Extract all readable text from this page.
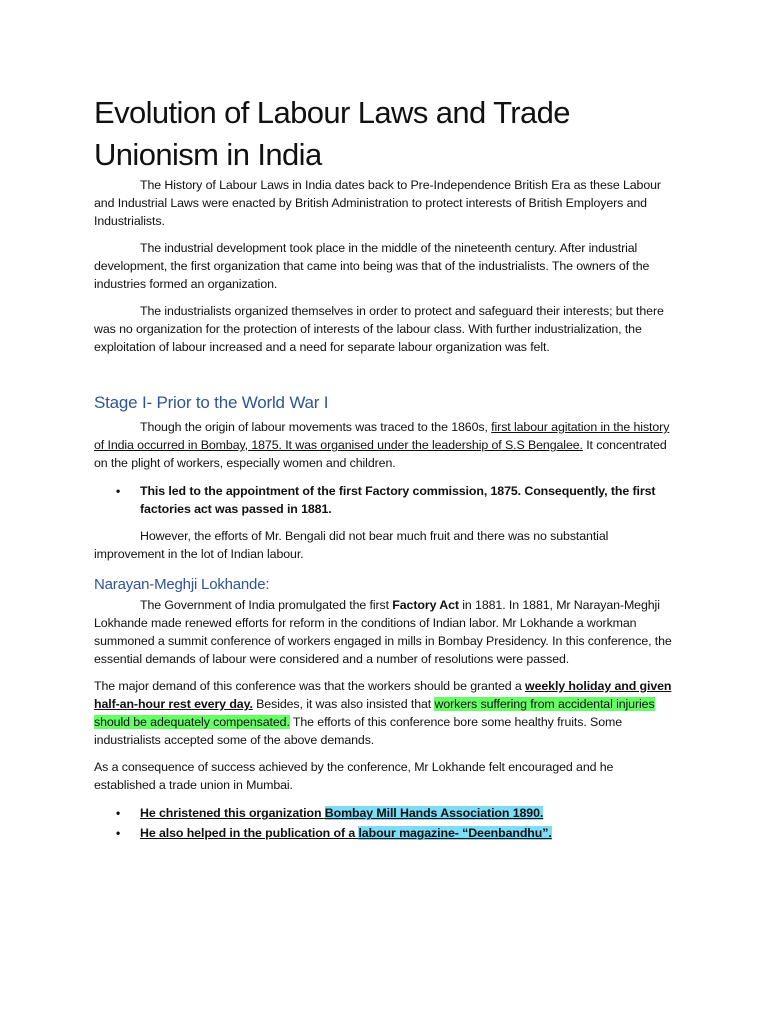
Evolution of Labour Laws and Trade Unionism in India

The History of Labour Laws in India dates back to Pre-Independence British Era as these Labour and Industrial Laws were enacted by British Administration to protect interests of British Employers and Industrialists.

The industrial development took place in the middle of the nineteenth century. After industrial development, the first organization that came into being was that of the industrialists. The owners of the industries formed an organization.

The industrialists organized themselves in order to protect and safeguard their interests; but there was no organization for the protection of interests of the labour class. With further industrialization, the exploitation of labour increased and a need for separate labour organization was felt.

Stage I- Prior to the World War I

Though the origin of labour movements was traced to the 1860s, first labour agitation in the history of India occurred in Bombay, 1875. It was organised under the leadership of S.S Bengalee. It concentrated on the plight of workers, especially women and children.

• This led to the appointment of the first Factory commission, 1875. Consequently, the first factories act was passed in 1881.

However, the efforts of Mr. Bengali did not bear much fruit and there was no substantial improvement in the lot of Indian labour.

Narayan-Meghji Lokhande:

The Government of India promulgated the first Factory Act in 1881. In 1881, Mr Narayan-Meghji Lokhande made renewed efforts for reform in the conditions of Indian labor. Mr Lokhande a workman summoned a summit conference of workers engaged in mills in Bombay Presidency. In this conference, the essential demands of labour were considered and a number of resolutions were passed.

The major demand of this conference was that the workers should be granted a weekly holiday and given half-an-hour rest every day. Besides, it was also insisted that workers suffering from accidental injuries should be adequately compensated. The efforts of this conference bore some healthy fruits. Some industrialists accepted some of the above demands.

As a consequence of success achieved by the conference, Mr Lokhande felt encouraged and he established a trade union in Mumbai.

• He christened this organization Bombay Mill Hands Association 1890.
• He also helped in the publication of a labour magazine- “Deenbandhu”.
